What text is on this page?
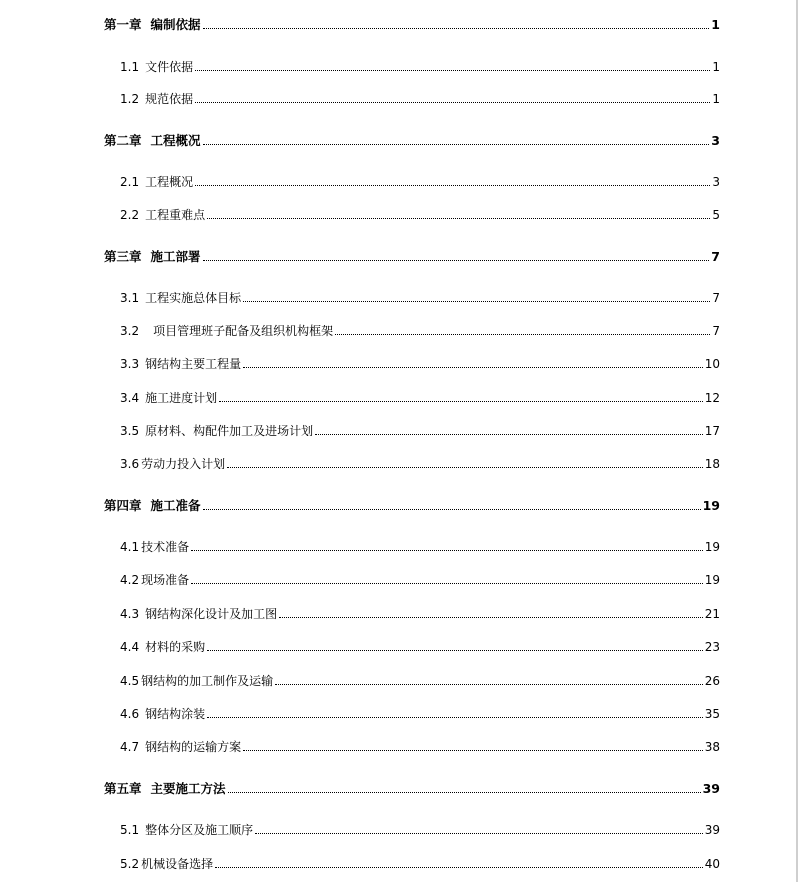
第一章 编制依据	1
1.1 文件依据	1
1.2 规范依据	1
第二章 工程概况	3
2.1 工程概况	3
2.2 工程重难点	5
第三章 施工部署	7
3.1 工程实施总体目标	7
3.2 项目管理班子配备及组织机构框架	7
3.3 钢结构主要工程量	10
3.4 施工进度计划	12
3.5 原材料、构配件加工及进场计划	17
3.6 劳动力投入计划	18
第四章 施工准备	19
4.1 技术准备	19
4.2 现场准备	19
4.3 钢结构深化设计及加工图	21
4.4 材料的采购	23
4.5 钢结构的加工制作及运输	26
4.6 钢结构涂装	35
4.7 钢结构的运输方案	38
第五章 主要施工方法	39
5.1 整体分区及施工顺序	39
5.2 机械设备选择	40
